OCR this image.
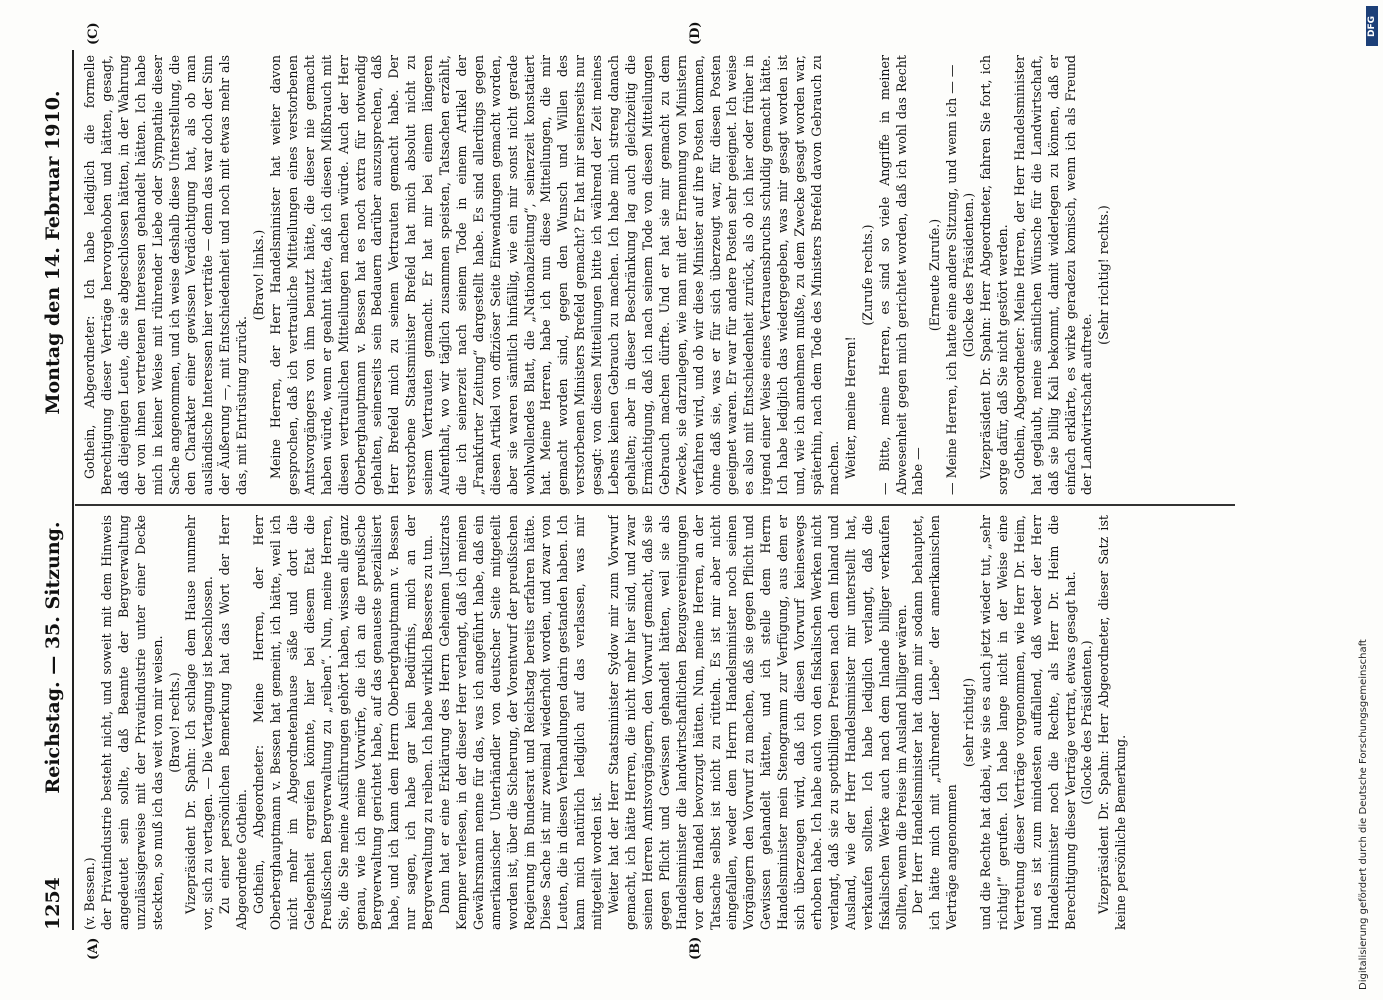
1254
Reichstag. — 35. Sitzung.
Montag den 14. Februar 1910.
(A)	(B)
(C)	(D)

(v. Bessen.) der Privatindustrie besteht nicht, und soweit mit dem Hinweis angedeutet sein sollte, daß Beamte der Bergverwaltung unzulässigerweise mit der Privatindustrie unter einer Decke steckten, so muß ich das weit von mir weisen. (Bravo! rechts.) Vizepräsident Dr. Spahn: Ich schlage dem Hause nunmehr vor, sich zu vertagen. — Die Vertagung ist beschlossen. Zu einer persönlichen Bemerkung hat das Wort der Herr Abgeordnete Gothein. Gothein, Abgeordneter: Meine Herren, der Herr Oberberghauptmann v. Bessen hat gemeint, ich hätte, weil ich nicht mehr im Abgeordnetenhause säße und dort die Gelegenheit ergreifen könnte, hier bei diesem Etat die Preußischen Bergverwaltung zu „reiben“. Nun, meine Herren, Sie, die Sie meine Ausführungen gehört haben, wissen alle ganz genau, wie ich meine Vorwürfe, die ich an die preußische Bergverwaltung gerichtet habe, auf das genaueste spezialisiert habe, und ich kann dem Herrn Oberberghauptmann v. Bessen nur sagen, ich habe gar kein Bedürfnis, mich an der Bergverwaltung zu reiben. Ich habe wirklich Besseres zu tun. Dann hat er eine Erklärung des Herrn Geheimen Justizrats Kempner verlesen, in der dieser Herr verlangt, daß ich meinen Gewährsmann nenne für das, was ich angeführt habe, daß ein amerikanischer Unterhändler von deutscher Seite mitgeteilt worden ist, über die Sicherung, der Vorentwurf der preußischen Regierung im Bundesrat und Reichstag bereits erfahren hätte. Diese Sache ist mir zweimal wiederholt worden, und zwar von Leuten, die in diesen Verhandlungen darin gestanden haben. Ich kann mich natürlich lediglich auf das verlassen, was mir mitgeteilt worden ist. Weiter hat der Herr Staatsminister Sydow mir zum Vorwurf gemacht, ich hätte Herren, die nicht mehr hier sind, und zwar seinen Herren Amtsvorgängern, den Vorwurf gemacht, daß sie gegen Pflicht und Gewissen gehandelt hätten, weil sie als Handelsminister die landwirtschaftlichen Bezugsvereinigungen vor dem Handel bevorzugt hätten. Nun, meine Herren, an der Tatsache selbst ist nicht zu rütteln. Es ist mir aber nicht eingefallen, weder dem Herrn Handelsminister noch seinen Vorgängern den Vorwurf zu machen, daß sie gegen Pflicht und Gewissen gehandelt hätten, und ich stelle dem Herrn Handelsminister mein Stenogramm zur Verfügung, aus dem er sich überzeugen wird, daß ich diesen Vorwurf keineswegs erhoben habe. Ich habe auch von den fiskalischen Werken nicht verlangt, daß sie zu spottbilligen Preisen nach dem Inland und Ausland, wie der Herr Handelsminister mir unterstellt hat, verkaufen sollten. Ich habe lediglich verlangt, daß die fiskalischen Werke auch nach dem Inlande billiger verkaufen sollten, wenn die Preise im Ausland billiger wären. Der Herr Handelsminister hat dann mir sodann behauptet, ich hätte mich mit „rührender Liebe“ der amerikanischen Verträge angenommen

(sehr richtig!) und die Rechte hat dabei, wie sie es auch jetzt wieder tut, „sehr richtig!“ gerufen. Ich habe lange nicht in der Weise eine Vertretung dieser Verträge vorgenommen, wie Herr Dr. Heim, und es ist zum mindesten auffallend, daß weder der Herr Handelsminister noch die Rechte, als Herr Dr. Heim die Berechtigung dieser Verträge vertrat, etwas gesagt hat. (Glocke des Präsidenten.) Vizepräsident Dr. Spahn: Herr Abgeordneter, dieser Satz ist keine persönliche Bemerkung.

Gothein, Abgeordneter: Ich habe lediglich die formelle Berechtigung dieser Verträge hervorgehoben und hätten, gesagt, daß diejenigen Leute, die sie abgeschlossen hätten, in der Wahrung der von ihnen vertretenen Interessen gehandelt hätten. Ich habe mich in keiner Weise mit rührender Liebe oder Sympathie dieser Sache angenommen, und ich weise deshalb diese Unterstellung, die den Charakter einer gewissen Verdächtigung hat, als ob man ausländische Interessen hier verträte — denn das war doch der Sinn der Äußerung —, mit Entschiedenheit und noch mit etwas mehr als das, mit Entrüstung zurück.

(Bravo! links.) Meine Herren, der Herr Handelsminister hat weiter davon gesprochen, daß ich vertrauliche Mitteilungen eines verstorbenen Amtsvorgängers von ihm benutzt hätte, die dieser nie gemacht haben würde, wenn er geahnt hätte, daß ich diesen Mißbrauch mit diesen vertraulichen Mitteilungen machen würde. Auch der Herr Oberberghauptmann v. Bessen hat es noch extra für notwendig gehalten, seinerseits sein Bedauern darüber auszusprechen, daß Herr Brefeld mich zu seinem Vertrauten gemacht habe. Der verstorbene Staatsminister Brefeld hat mich absolut nicht zu seinem Vertrauten gemacht. Er hat mir bei einem längeren Aufenthalt, wo wir täglich zusammen speisten, Tatsachen erzählt, die ich seinerzeit nach seinem Tode in einem Artikel der „Frankfurter Zeitung“ dargestellt habe. Es sind allerdings gegen diesen Artikel von offiziöser Seite Einwendungen gemacht worden, aber sie waren sämtlich hinfällig, wie ein mir sonst nicht gerade wohlwollendes Blatt, die „Nationalzeitung“, seinerzeit konstatiert hat. Meine Herren, habe ich nun diese Mitteilungen, die mir gemacht worden sind, gegen den Wunsch und Willen des verstorbenen Ministers Brefeld gemacht? Er hat mir seinerseits nur gesagt: von diesen Mitteilungen bitte ich während der Zeit meines Lebens keinen Gebrauch zu machen. Ich habe mich streng danach gehalten; aber in dieser Beschränkung lag auch gleichzeitig die Ermächtigung, daß ich nach seinem Tode von diesen Mitteilungen Gebrauch machen dürfte. Und er hat sie mir gemacht zu dem Zwecke, sie darzulegen, wie man mit der Ernennung von Ministern verfahren wird, und ob wir diese Minister auf ihre Posten kommen, ohne daß sie, was er für sich überzeugt war, für diesen Posten geeignet waren. Er war für andere Posten sehr geeignet. Ich weise es also mit Entschiedenheit zurück, als ob ich hier oder früher in irgend einer Weise eines Vertrauensbruchs schuldig gemacht hätte. Ich habe lediglich das wiedergegeben, was mir gesagt worden ist und, wie ich annehmen mußte, zu dem Zwecke gesagt worden war, späterhin, nach dem Tode des Ministers Brefeld davon Gebrauch zu machen. Weiter, meine Herren!

(Zurufe rechts.) — Bitte, meine Herren, es sind so viele Angriffe in meiner Abwesenheit gegen mich gerichtet worden, daß ich wohl das Recht habe —

(Erneute Zurufe.) — Meine Herren, ich hatte eine andere Sitzung, und wenn ich — — (Glocke des Präsidenten.) Vizepräsident Dr. Spahn: Herr Abgeordneter, fahren Sie fort, ich sorge dafür, daß Sie nicht gestört werden. Gothein, Abgeordneter: Meine Herren, der Herr Handelsminister hat geglaubt, meine sämtlichen Wünsche für die Landwirtschaft, daß sie billig Kali bekommt, damit widerlegen zu können, daß er einfach erklärte, es wirke geradezu komisch, wenn ich als Freund der Landwirtschaft auftrete.

(Sehr richtig! rechts.)

DFG
Digitalisierung gefördert durch die Deutsche Forschungsgemeinschaft
